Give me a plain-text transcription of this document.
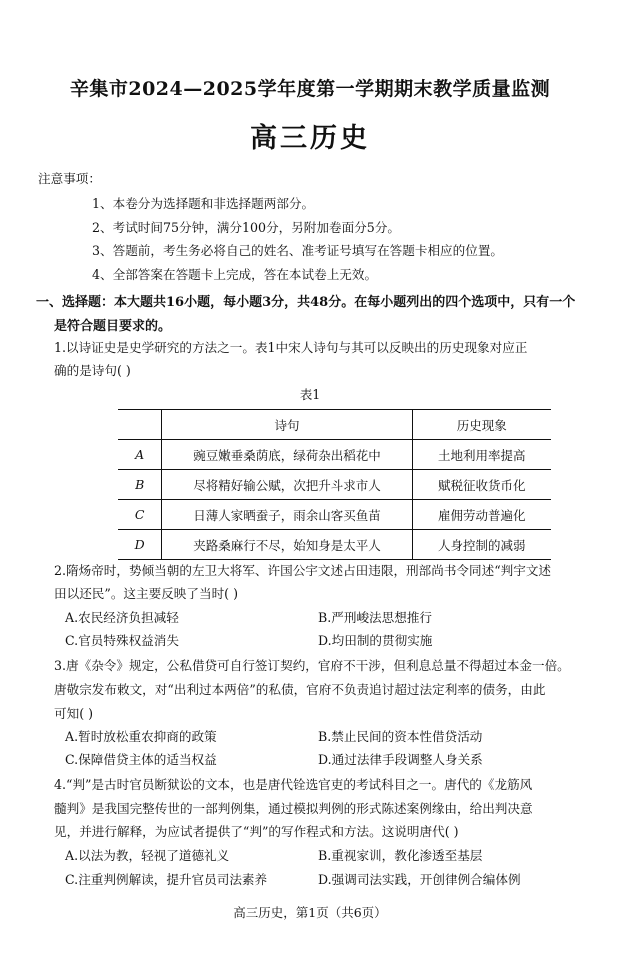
辛集市2024—2025学年度第一学期期末教学质量监测
高三历史
注意事项：
1、本卷分为选择题和非选择题两部分。
2、考试时间75分钟，满分100分，另附加卷面分5分。
3、答题前，考生务必将自己的姓名、准考证号填写在答题卡相应的位置。
4、全部答案在答题卡上完成，答在本试卷上无效。
一、选择题：本大题共16小题，每小题3分，共48分。在每小题列出的四个选项中，只有一个
是符合题目要求的。
1.以诗证史是史学研究的方法之一。表1中宋人诗句与其可以反映出的历史现象对应正
确的是诗句( )
表1
	诗句	历史现象
A	豌豆嫩垂桑荫底，绿荷杂出稻花中	土地利用率提高
B	尽将精好输公赋，次把升斗求市人	赋税征收货币化
C	日薄人家晒蚕子，雨余山客买鱼苗	雇佣劳动普遍化
D	夹路桑麻行不尽，始知身是太平人	人身控制的减弱
2.隋炀帝时，势倾当朝的左卫大将军、许国公宇文述占田违限，刑部尚书令同述“判宇文述
田以还民”。这主要反映了当时( )
A.农民经济负担减轻	B.严刑峻法思想推行
C.官员特殊权益消失	D.均田制的贯彻实施
3.唐《杂令》规定，公私借贷可自行签订契约，官府不干涉，但利息总量不得超过本金一倍。
唐敬宗发布敕文，对“出利过本两倍”的私债，官府不负责追讨超过法定利率的债务，由此
可知( )
A.暂时放松重农抑商的政策	B.禁止民间的资本性借贷活动
C.保障借贷主体的适当权益	D.通过法律手段调整人身关系
4.“判”是古时官员断狱讼的文本，也是唐代铨选官吏的考试科目之一。唐代的《龙筋风
髓判》是我国完整传世的一部判例集，通过模拟判例的形式陈述案例缘由，给出判决意
见，并进行解释，为应试者提供了“判”的写作程式和方法。这说明唐代( )
A.以法为教，轻视了道德礼义	B.重视家训，教化渗透至基层
C.注重判例解读，提升官员司法素养	D.强调司法实践，开创律例合编体例
高三历史，第1页（共6页）
